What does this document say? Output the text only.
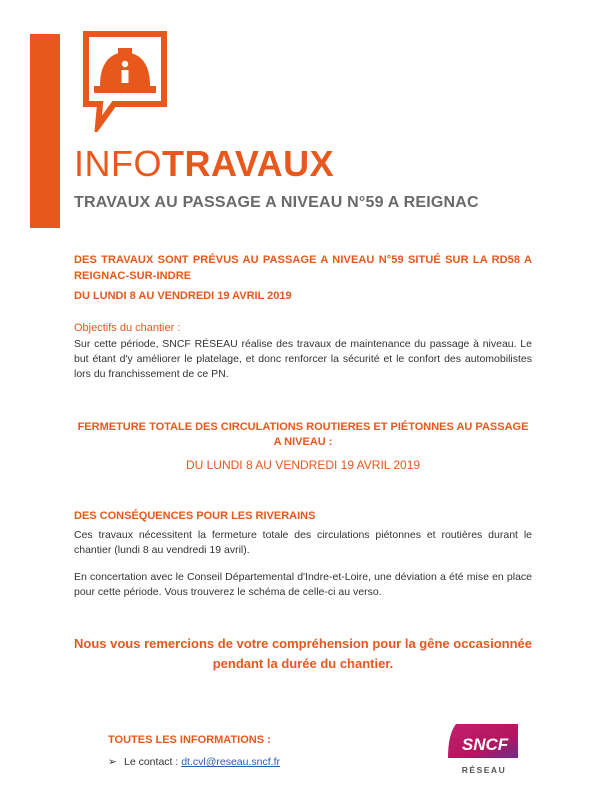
INFOTRAVAUX
TRAVAUX AU PASSAGE A NIVEAU N°59 A REIGNAC
DES TRAVAUX SONT PRÉVUS AU PASSAGE A NIVEAU N°59 SITUÉ SUR LA RD58 A REIGNAC-SUR-INDRE
DU LUNDI 8 AU VENDREDI 19 AVRIL 2019
Objectifs du chantier :
Sur cette période, SNCF RÉSEAU réalise des travaux de maintenance du passage à niveau. Le but étant d'y améliorer le platelage, et donc renforcer la sécurité et le confort des automobilistes lors du franchissement de ce PN.
FERMETURE TOTALE DES CIRCULATIONS ROUTIERES ET PIÉTONNES AU PASSAGE A NIVEAU :
DU LUNDI 8 AU VENDREDI 19 AVRIL 2019
DES CONSÉQUENCES POUR LES RIVERAINS
Ces travaux nécessitent la fermeture totale des circulations piétonnes et routières durant le chantier (lundi 8 au vendredi 19 avril).
En concertation avec le Conseil Départemental d'Indre-et-Loire, une déviation a été mise en place pour cette période. Vous trouverez le schéma de celle-ci au verso.
Nous vous remercions de votre compréhension pour la gêne occasionnée pendant la durée du chantier.
TOUTES LES INFORMATIONS :
➢ Le contact : dt.cvl@reseau.sncf.fr
SNCF
RÉSEAU
